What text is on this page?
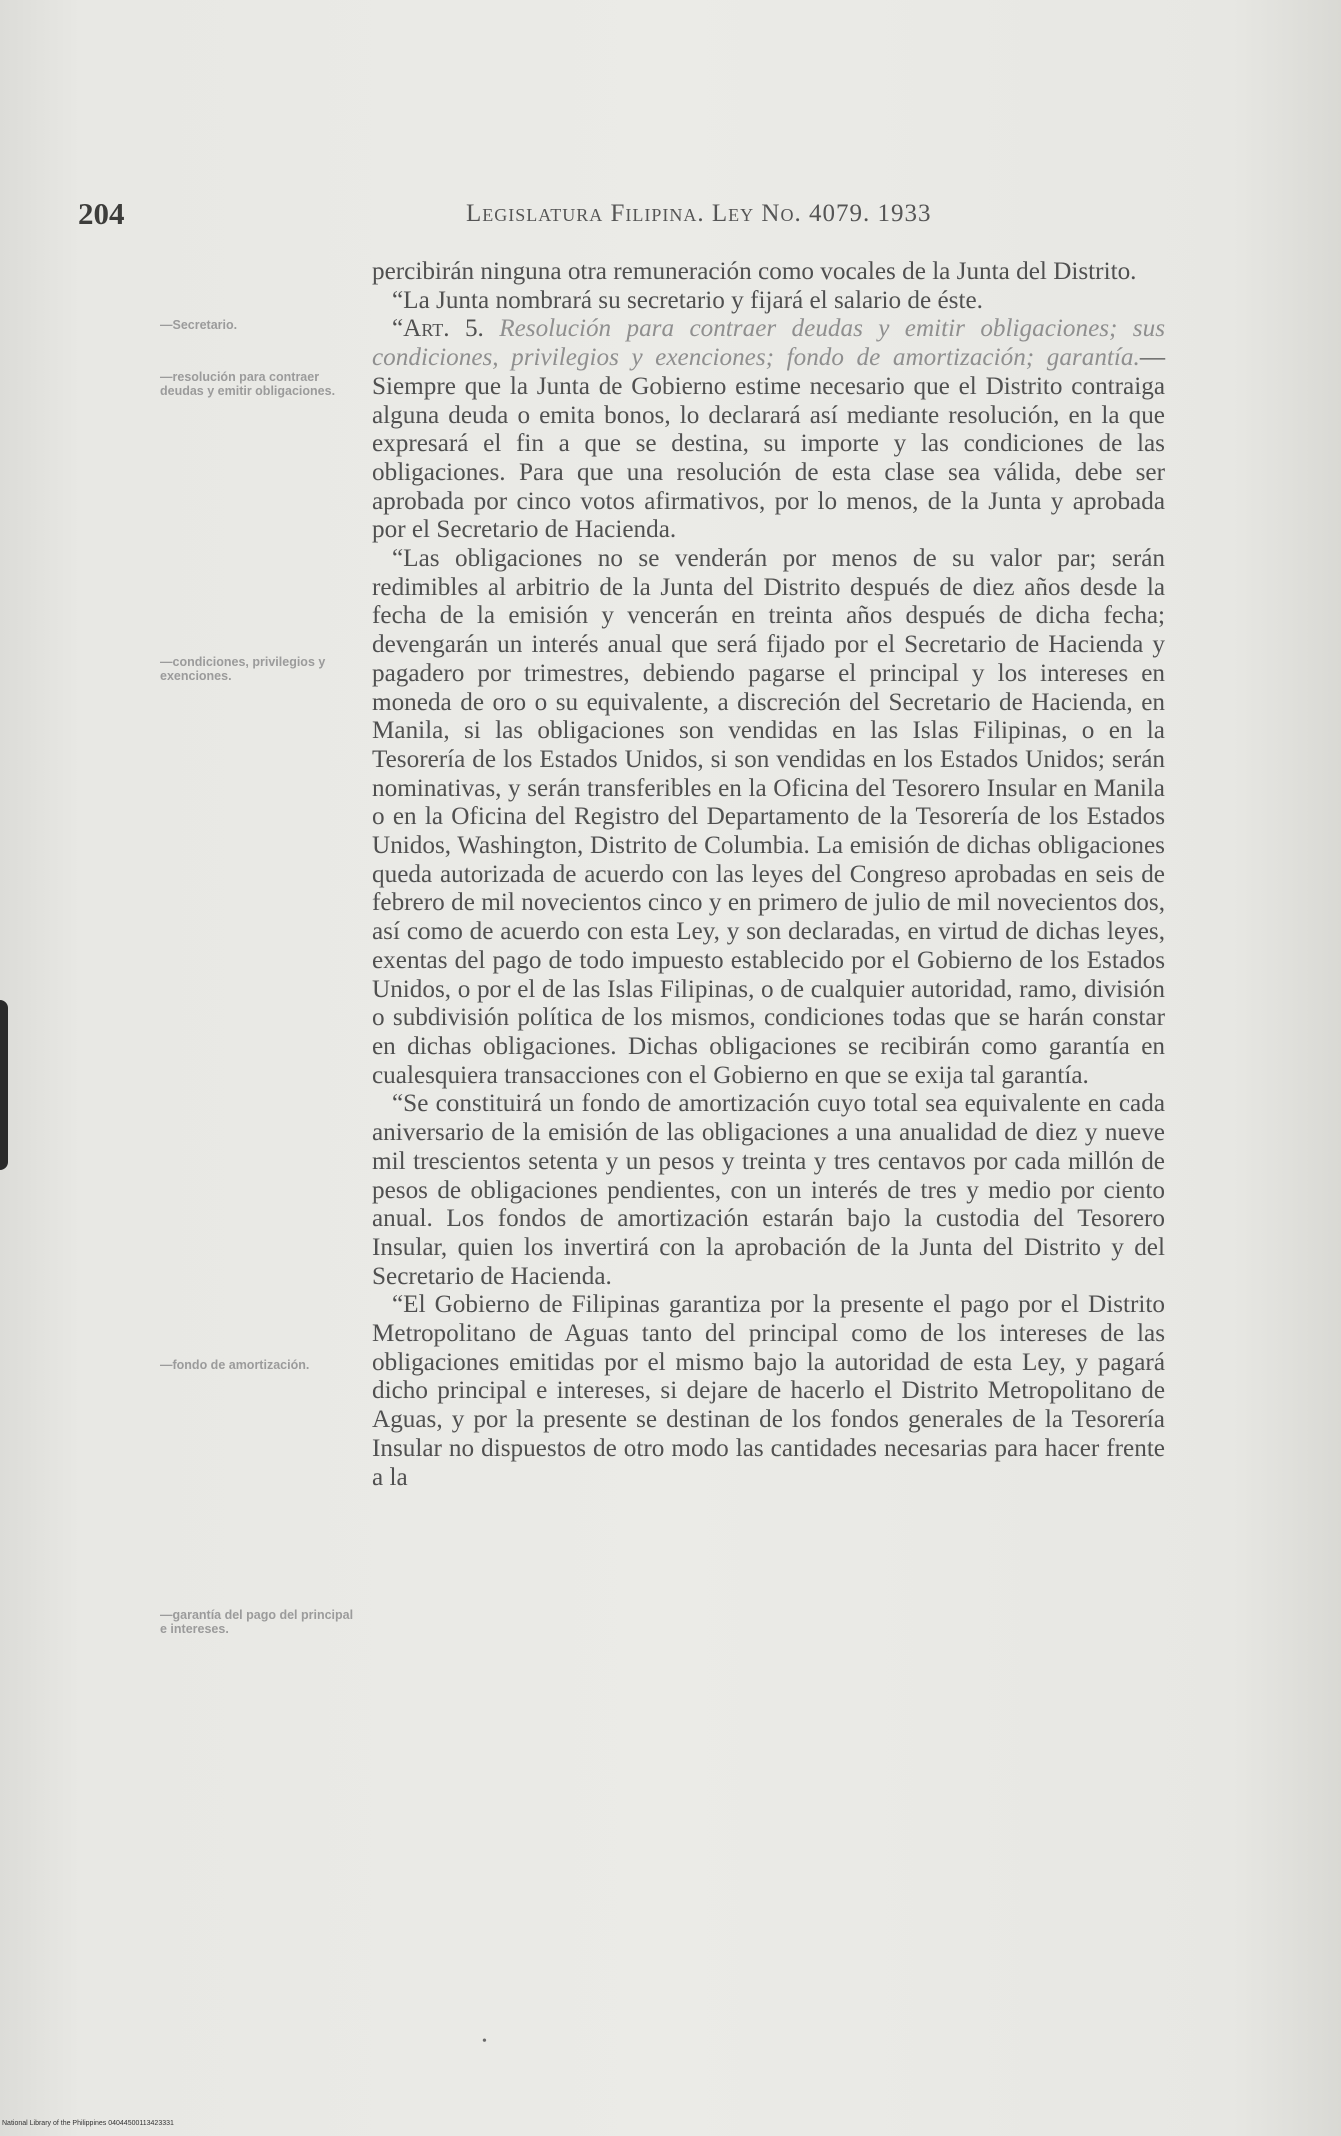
204	Legislatura Filipina. Ley No. 4079. 1933
—Secretario.
—resolución para contraer deudas y emitir obligaciones.
—condiciones, privilegios y exenciones.
—fondo de amortización.
—garantía del pago del principal e intereses.

percibirán ninguna otra remuneración como vocales de la Junta del Distrito.

“La Junta nombrará su secretario y fijará el salario de éste.

“Art. 5. Resolución para contraer deudas y emitir obligaciones; sus condiciones, privilegios y exenciones; fondo de amortización; garantía.—Siempre que la Junta de Gobierno estime necesario que el Distrito contraiga alguna deuda o emita bonos, lo declarará así mediante resolución, en la que expresará el fin a que se destina, su importe y las condiciones de las obligaciones. Para que una resolución de esta clase sea válida, debe ser aprobada por cinco votos afirmativos, por lo menos, de la Junta y aprobada por el Secretario de Hacienda.

“Las obligaciones no se venderán por menos de su valor par; serán redimibles al arbitrio de la Junta del Distrito después de diez años desde la fecha de la emisión y vencerán en treinta años después de dicha fecha; devengarán un interés anual que será fijado por el Secretario de Hacienda y pagadero por trimestres, debiendo pagarse el principal y los intereses en moneda de oro o su equivalente, a discreción del Secretario de Hacienda, en Manila, si las obligaciones son vendidas en las Islas Filipinas, o en la Tesorería de los Estados Unidos, si son vendidas en los Estados Unidos; serán nominativas, y serán transferibles en la Oficina del Tesorero Insular en Manila o en la Oficina del Registro del Departamento de la Tesorería de los Estados Unidos, Washington, Distrito de Columbia. La emisión de dichas obligaciones queda autorizada de acuerdo con las leyes del Congreso aprobadas en seis de febrero de mil novecientos cinco y en primero de julio de mil novecientos dos, así como de acuerdo con esta Ley, y son declaradas, en virtud de dichas leyes, exentas del pago de todo impuesto establecido por el Gobierno de los Estados Unidos, o por el de las Islas Filipinas, o de cualquier autoridad, ramo, división o subdivisión política de los mismos, condiciones todas que se harán constar en dichas obligaciones. Dichas obligaciones se recibirán como garantía en cualesquiera transacciones con el Gobierno en que se exija tal garantía.

“Se constituirá un fondo de amortización cuyo total sea equivalente en cada aniversario de la emisión de las obligaciones a una anualidad de diez y nueve mil trescientos setenta y un pesos y treinta y tres centavos por cada millón de pesos de obligaciones pendientes, con un interés de tres y medio por ciento anual. Los fondos de amortización estarán bajo la custodia del Tesorero Insular, quien los invertirá con la aprobación de la Junta del Distrito y del Secretario de Hacienda.

“El Gobierno de Filipinas garantiza por la presente el pago por el Distrito Metropolitano de Aguas tanto del principal como de los intereses de las obligaciones emitidas por el mismo bajo la autoridad de esta Ley, y pagará dicho principal e intereses, si dejare de hacerlo el Distrito Metropolitano de Aguas, y por la presente se destinan de los fondos generales de la Tesorería Insular no dispuestos de otro modo las cantidades necesarias para hacer frente a la

•
National Library of the Philippines 04044500113423331
